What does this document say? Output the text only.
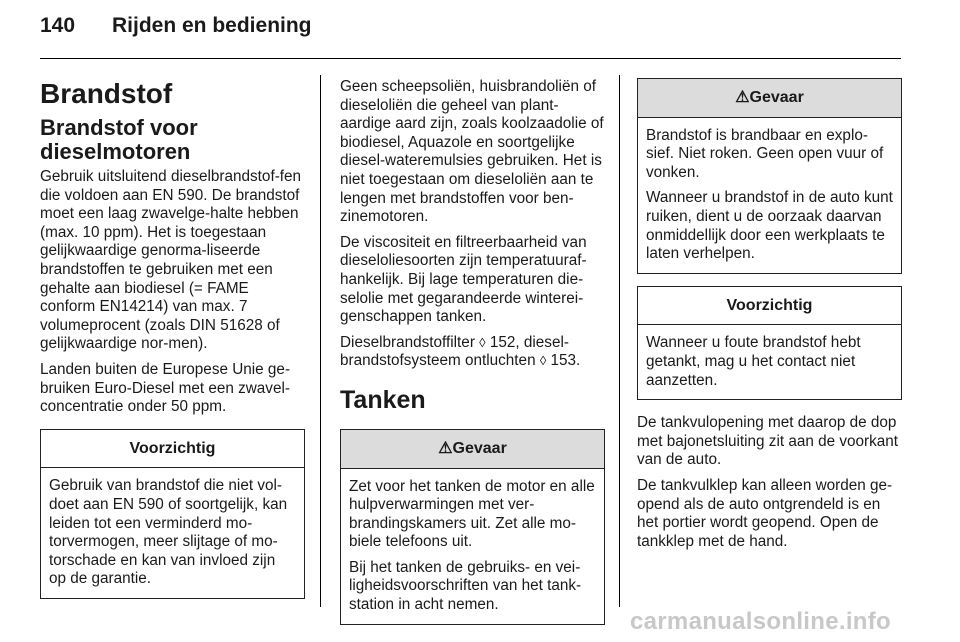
140 Rijden en bediening
Brandstof
Brandstof voor dieselmotoren

Gebruik uitsluitend dieselbrandstof-fen die voldoen aan EN 590. De brandstof moet een laag zwavelge-halte hebben (max. 10 ppm). Het is toegestaan gelijkwaardige genorma-liseerde brandstoffen te gebruiken met een gehalte aan biodiesel (= FAME conform EN14214) van max. 7 volumeprocent (zoals DIN 51628 of gelijkwaardige nor-men).

Landen buiten de Europese Unie ge-bruiken Euro-Diesel met een zwavel-concentratie onder 50 ppm.

Voorzichtig

Gebruik van brandstof die niet vol-doet aan EN 590 of soortgelijk, kan leiden tot een verminderd mo-torvermogen, meer slijtage of mo-torschade en kan van invloed zijn op de garantie.

Geen scheepsoliën, huisbrandoliën of dieseloliën die geheel van plant-aardige aard zijn, zoals koolzaadolie of biodiesel, Aquazole en soortgelijke diesel-wateremulsies gebruiken. Het is niet toegestaan om dieseloliën aan te lengen met brandstoffen voor ben-zinemotoren.

De viscositeit en filtreerbaarheid van dieseloliesoorten zijn temperatuuraf-hankelijk. Bij lage temperaturen die-selolie met gegarandeerde winterei-genschappen tanken.

Dieselbrandstoffilter ◊ 152, diesel-brandstofsysteem ontluchten ◊ 153.

Tanken
⚠Gevaar

Zet voor het tanken de motor en alle hulpverwarmingen met ver-brandingskamers uit. Zet alle mo-biele telefoons uit.

Bij het tanken de gebruiks- en vei-ligheidsvoorschriften van het tank-station in acht nemen.

⚠Gevaar

Brandstof is brandbaar en explo-sief. Niet roken. Geen open vuur of vonken.

Wanneer u brandstof in de auto kunt ruiken, dient u de oorzaak daarvan onmiddellijk door een werkplaats te laten verhelpen.

Voorzichtig

Wanneer u foute brandstof hebt getankt, mag u het contact niet aanzetten.

De tankvulopening met daarop de dop met bajonetsluiting zit aan de voorkant van de auto.

De tankvulklep kan alleen worden ge-opend als de auto ontgrendeld is en het portier wordt geopend. Open de tankklep met de hand.

carmanualsonline.info
